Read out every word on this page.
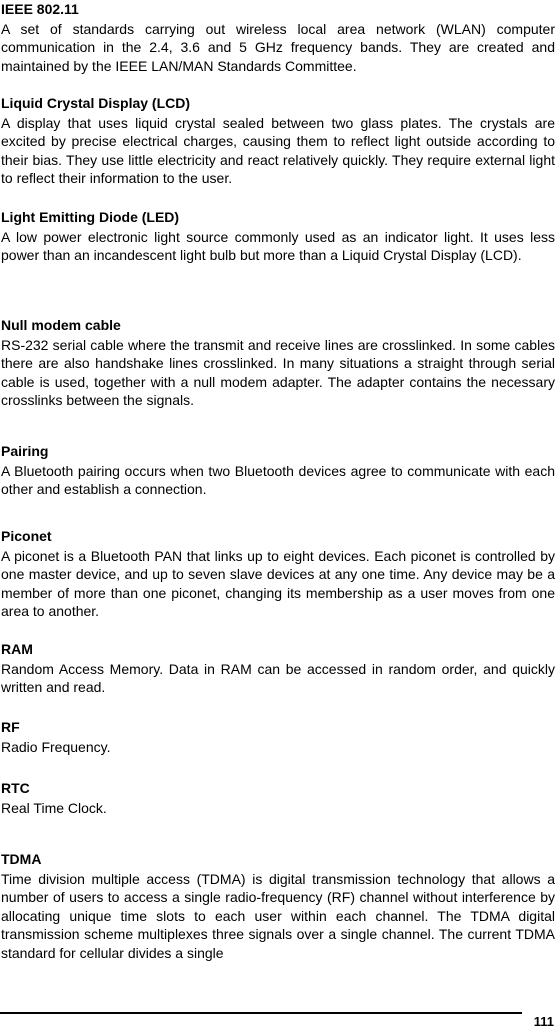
IEEE 802.11

A set of standards carrying out wireless local area network (WLAN) computer communication in the 2.4, 3.6 and 5 GHz frequency bands. They are created and maintained by the IEEE LAN/MAN Standards Committee.

Liquid Crystal Display (LCD)

A display that uses liquid crystal sealed between two glass plates. The crystals are excited by precise electrical charges, causing them to reflect light outside according to their bias. They use little electricity and react relatively quickly. They require external light to reflect their information to the user.

Light Emitting Diode (LED)

A low power electronic light source commonly used as an indicator light. It uses less power than an incandescent light bulb but more than a Liquid Crystal Display (LCD).

Null modem cable

RS-232 serial cable where the transmit and receive lines are crosslinked. In some cables there are also handshake lines crosslinked. In many situations a straight through serial cable is used, together with a null modem adapter. The adapter contains the necessary crosslinks between the signals.

Pairing

A Bluetooth pairing occurs when two Bluetooth devices agree to communicate with each other and establish a connection.

Piconet

A piconet is a Bluetooth PAN that links up to eight devices. Each piconet is controlled by one master device, and up to seven slave devices at any one time. Any device may be a member of more than one piconet, changing its membership as a user moves from one area to another.

RAM

Random Access Memory. Data in RAM can be accessed in random order, and quickly written and read.

RF

Radio Frequency.

RTC

Real Time Clock.

TDMA

Time division multiple access (TDMA) is digital transmission technology that allows a number of users to access a single radio-frequency (RF) channel without interference by allocating unique time slots to each user within each channel. The TDMA digital transmission scheme multiplexes three signals over a single channel. The current TDMA standard for cellular divides a single

111
